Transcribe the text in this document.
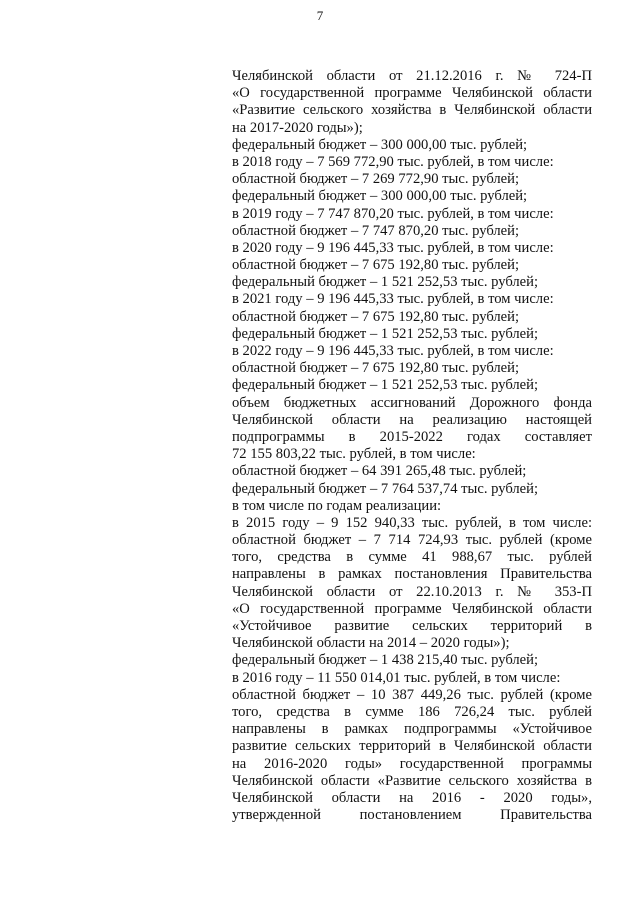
7
Челябинской области от 21.12.2016 г. № 724-П
«О государственной программе Челябинской области
«Развитие сельского хозяйства в Челябинской области
на 2017-2020 годы»);
федеральный бюджет – 300 000,00 тыс. рублей;
в 2018 году – 7 569 772,90 тыс. рублей, в том числе:
областной бюджет – 7 269 772,90 тыс. рублей;
федеральный бюджет – 300 000,00 тыс. рублей;
в 2019 году – 7 747 870,20 тыс. рублей, в том числе:
областной бюджет – 7 747 870,20 тыс. рублей;
в 2020 году – 9 196 445,33 тыс. рублей, в том числе:
областной бюджет – 7 675 192,80 тыс. рублей;
федеральный бюджет – 1 521 252,53 тыс. рублей;
в 2021 году – 9 196 445,33 тыс. рублей, в том числе:
областной бюджет – 7 675 192,80 тыс. рублей;
федеральный бюджет – 1 521 252,53 тыс. рублей;
в 2022 году – 9 196 445,33 тыс. рублей, в том числе:
областной бюджет – 7 675 192,80 тыс. рублей;
федеральный бюджет – 1 521 252,53 тыс. рублей;
объем бюджетных ассигнований Дорожного фонда
Челябинской области на реализацию настоящей
подпрограммы в 2015-2022 годах составляет
72 155 803,22 тыс. рублей, в том числе:
областной бюджет – 64 391 265,48 тыс. рублей;
федеральный бюджет – 7 764 537,74 тыс. рублей;
в том числе по годам реализации:
в 2015 году – 9 152 940,33 тыс. рублей, в том числе:
областной бюджет – 7 714 724,93 тыс. рублей (кроме
того, средства в сумме 41 988,67 тыс. рублей
направлены в рамках постановления Правительства
Челябинской области от 22.10.2013 г. № 353-П
«О государственной программе Челябинской области
«Устойчивое развитие сельских территорий в
Челябинской области на 2014 – 2020 годы»);
федеральный бюджет – 1 438 215,40 тыс. рублей;
в 2016 году – 11 550 014,01 тыс. рублей, в том числе:
областной бюджет – 10 387 449,26 тыс. рублей (кроме
того, средства в сумме 186 726,24 тыс. рублей
направлены в рамках подпрограммы «Устойчивое
развитие сельских территорий в Челябинской области
на 2016-2020 годы» государственной программы
Челябинской области «Развитие сельского хозяйства в
Челябинской области на 2016 - 2020 годы»,
утвержденной постановлением Правительства
